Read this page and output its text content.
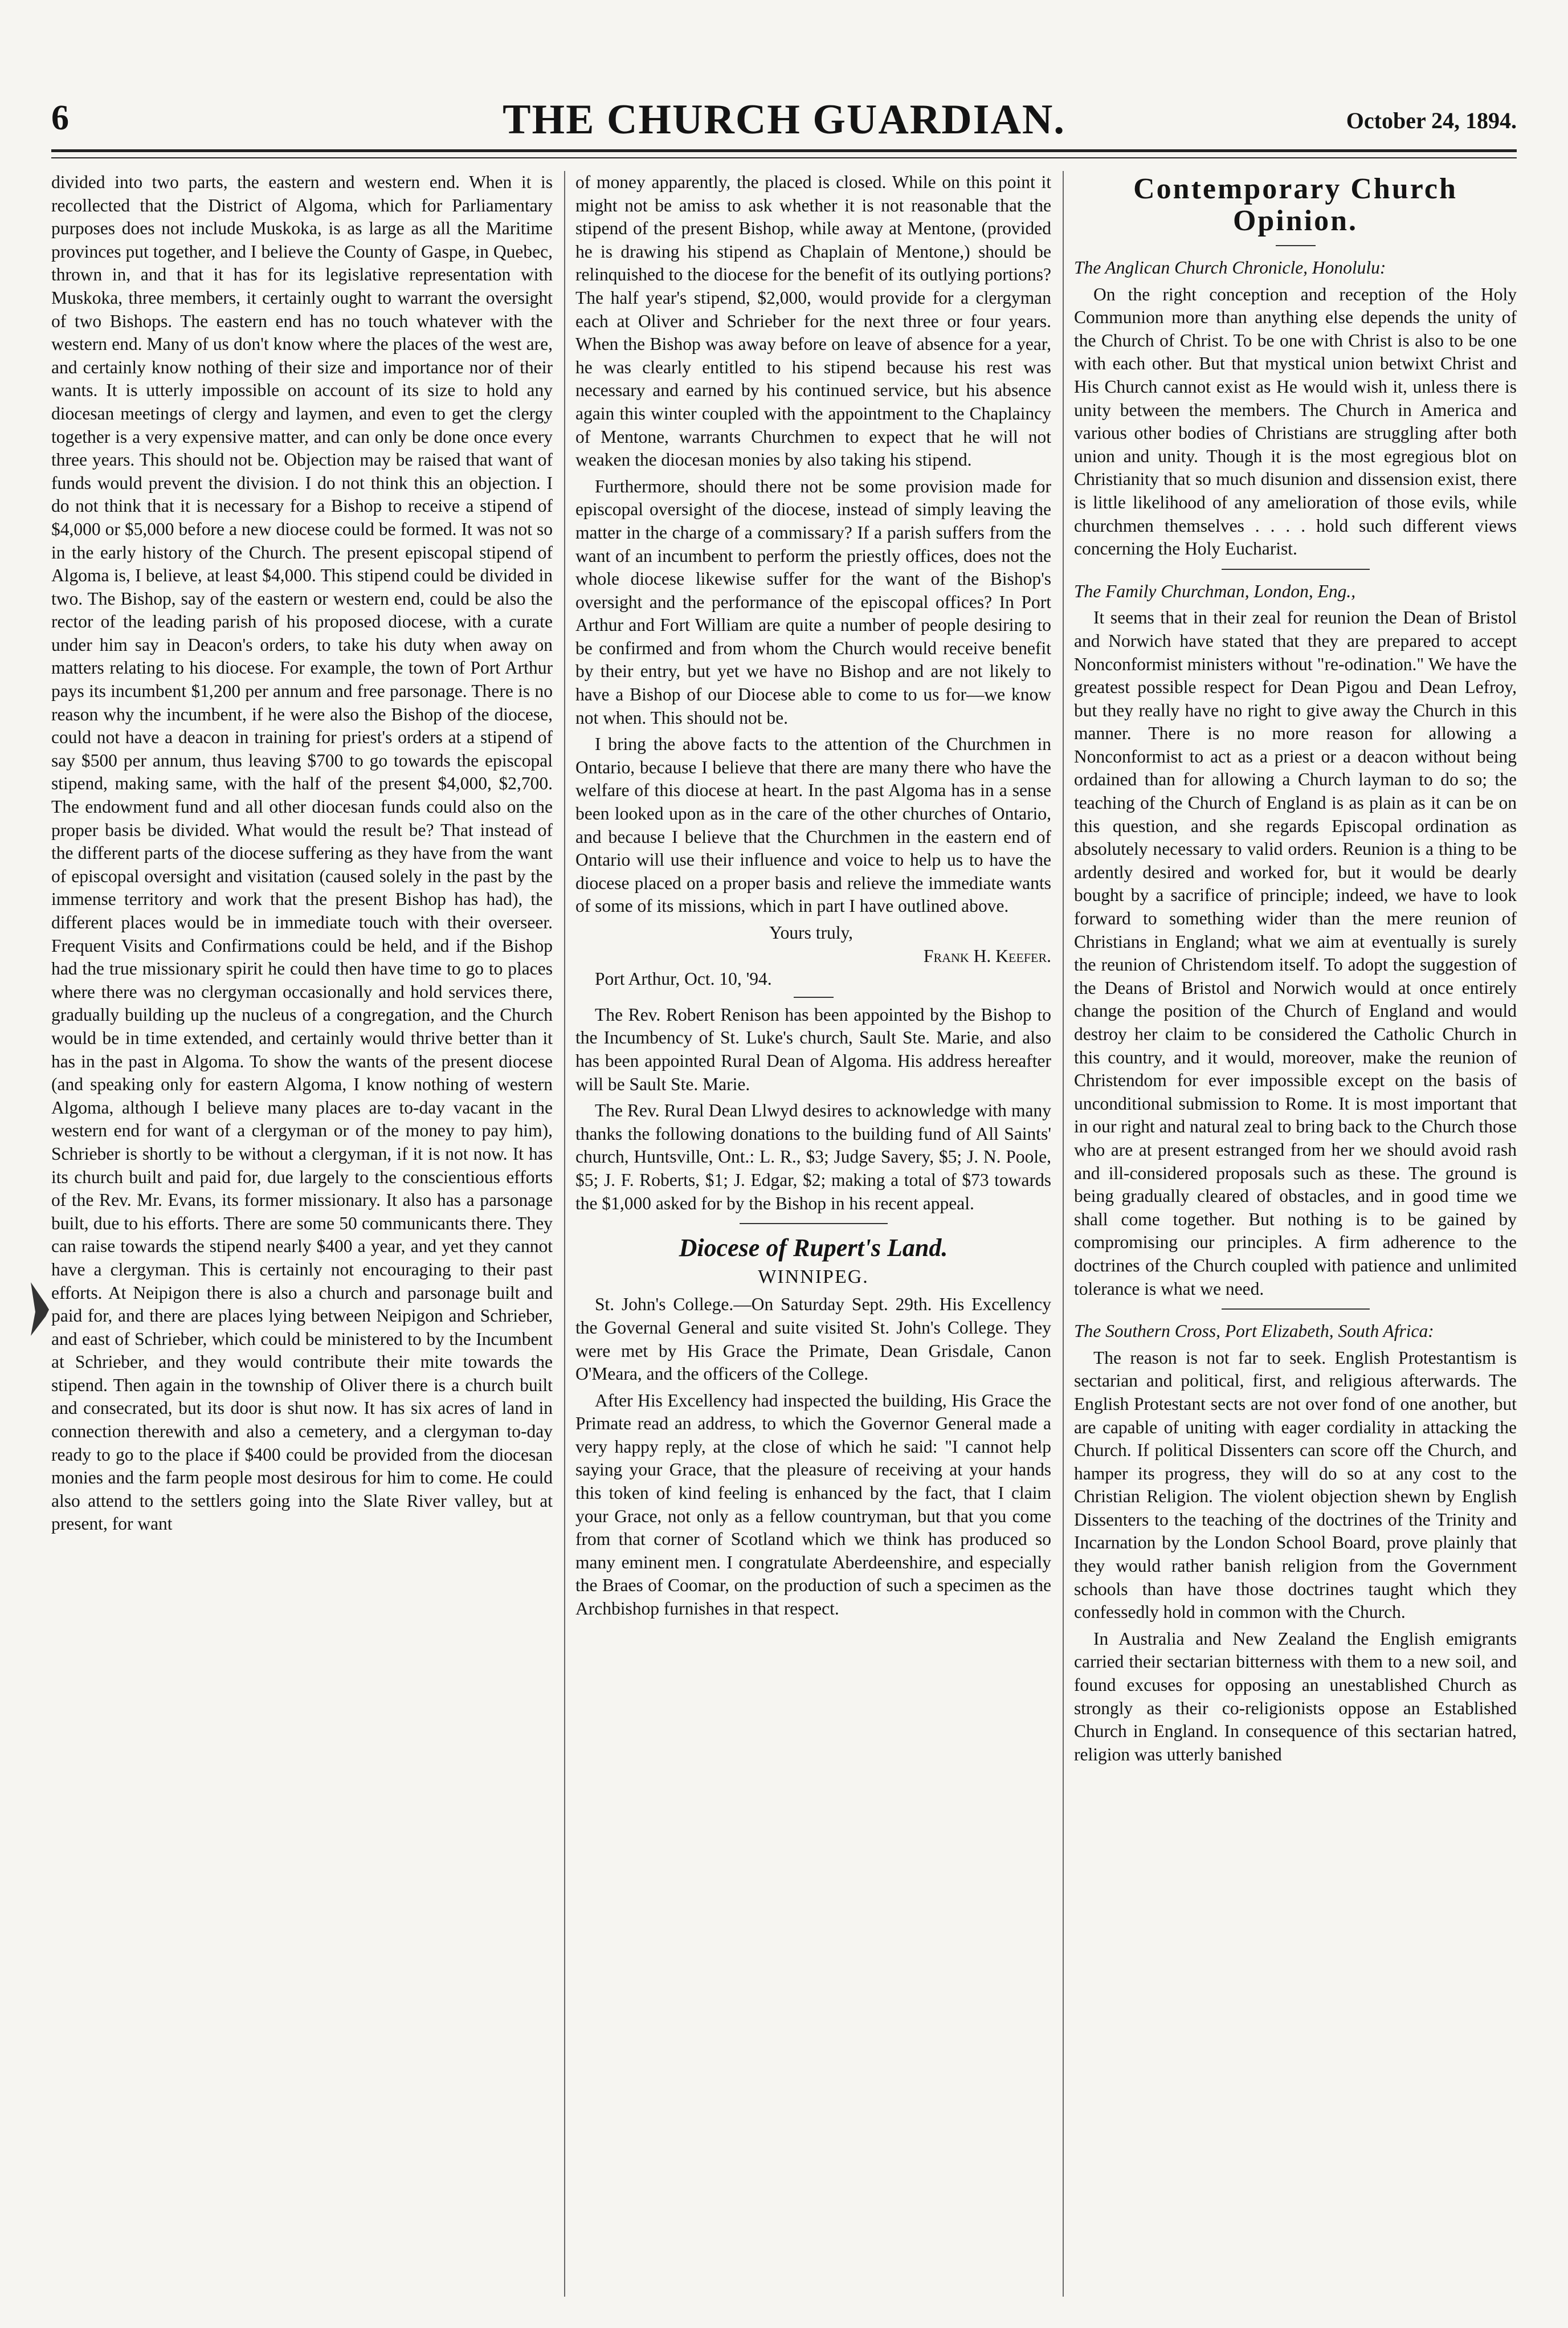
6	THE CHURCH GUARDIAN.	October 24, 1894.

divided into two parts, the eastern and western end. When it is recollected that the District of Algoma, which for Parliamentary purposes does not include Muskoka, is as large as all the Maritime provinces put together, and I believe the County of Gaspe, in Quebec, thrown in, and that it has for its legislative representation with Muskoka, three members, it certainly ought to warrant the oversight of two Bishops. The eastern end has no touch whatever with the western end. Many of us don't know where the places of the west are, and certainly know nothing of their size and importance nor of their wants. It is utterly impossible on account of its size to hold any diocesan meetings of clergy and laymen, and even to get the clergy together is a very expensive matter, and can only be done once every three years. This should not be. Objection may be raised that want of funds would prevent the division. I do not think this an objection. I do not think that it is necessary for a Bishop to receive a stipend of $4,000 or $5,000 before a new diocese could be formed. It was not so in the early history of the Church. The present episcopal stipend of Algoma is, I believe, at least $4,000. This stipend could be divided in two. The Bishop, say of the eastern or western end, could be also the rector of the leading parish of his proposed diocese, with a curate under him say in Deacon's orders, to take his duty when away on matters relating to his diocese. For example, the town of Port Arthur pays its incumbent $1,200 per annum and free parsonage. There is no reason why the incumbent, if he were also the Bishop of the diocese, could not have a deacon in training for priest's orders at a stipend of say $500 per annum, thus leaving $700 to go towards the episcopal stipend, making same, with the half of the present $4,000, $2,700. The endowment fund and all other diocesan funds could also on the proper basis be divided. What would the result be? That instead of the different parts of the diocese suffering as they have from the want of episcopal oversight and visitation (caused solely in the past by the immense territory and work that the present Bishop has had), the different places would be in immediate touch with their overseer. Frequent Visits and Confirmations could be held, and if the Bishop had the true missionary spirit he could then have time to go to places where there was no clergyman occasionally and hold services there, gradually building up the nucleus of a congregation, and the Church would be in time extended, and certainly would thrive better than it has in the past in Algoma. To show the wants of the present diocese (and speaking only for eastern Algoma, I know nothing of western Algoma, although I believe many places are to-day vacant in the western end for want of a clergyman or of the money to pay him), Schrieber is shortly to be without a clergyman, if it is not now. It has its church built and paid for, due largely to the conscientious efforts of the Rev. Mr. Evans, its former missionary. It also has a parsonage built, due to his efforts. There are some 50 communicants there. They can raise towards the stipend nearly $400 a year, and yet they cannot have a clergyman. This is certainly not encouraging to their past efforts. At Neipigon there is also a church and parsonage built and paid for, and there are places lying between Neipigon and Schrieber, and east of Schrieber, which could be ministered to by the Incumbent at Schrieber, and they would contribute their mite towards the stipend. Then again in the township of Oliver there is a church built and consecrated, but its door is shut now. It has six acres of land in connection therewith and also a cemetery, and a clergyman to-day ready to go to the place if $400 could be provided from the diocesan monies and the farm people most desirous for him to come. He could also attend to the settlers going into the Slate River valley, but at present, for want

of money apparently, the placed is closed. While on this point it might not be amiss to ask whether it is not reasonable that the stipend of the present Bishop, while away at Mentone, (provided he is drawing his stipend as Chaplain of Mentone,) should be relinquished to the diocese for the benefit of its outlying portions? The half year's stipend, $2,000, would provide for a clergyman each at Oliver and Schrieber for the next three or four years. When the Bishop was away before on leave of absence for a year, he was clearly entitled to his stipend because his rest was necessary and earned by his continued service, but his absence again this winter coupled with the appointment to the Chaplaincy of Mentone, warrants Churchmen to expect that he will not weaken the diocesan monies by also taking his stipend.

Furthermore, should there not be some provision made for episcopal oversight of the diocese, instead of simply leaving the matter in the charge of a commissary? If a parish suffers from the want of an incumbent to perform the priestly offices, does not the whole diocese likewise suffer for the want of the Bishop's oversight and the performance of the episcopal offices? In Port Arthur and Fort William are quite a number of people desiring to be confirmed and from whom the Church would receive benefit by their entry, but yet we have no Bishop and are not likely to have a Bishop of our Diocese able to come to us for—we know not when. This should not be.

I bring the above facts to the attention of the Churchmen in Ontario, because I believe that there are many there who have the welfare of this diocese at heart. In the past Algoma has in a sense been looked upon as in the care of the other churches of Ontario, and because I believe that the Churchmen in the eastern end of Ontario will use their influence and voice to help us to have the diocese placed on a proper basis and relieve the immediate wants of some of its missions, which in part I have outlined above.

Yours truly,

Frank H. Keefer.

Port Arthur, Oct. 10, '94.

The Rev. Robert Renison has been appointed by the Bishop to the Incumbency of St. Luke's church, Sault Ste. Marie, and also has been appointed Rural Dean of Algoma. His address hereafter will be Sault Ste. Marie.

The Rev. Rural Dean Llwyd desires to acknowledge with many thanks the following donations to the building fund of All Saints' church, Huntsville, Ont.: L. R., $3; Judge Savery, $5; J. N. Poole, $5; J. F. Roberts, $1; J. Edgar, $2; making a total of $73 towards the $1,000 asked for by the Bishop in his recent appeal.

Diocese of Rupert's Land.
WINNIPEG.

St. John's College.—On Saturday Sept. 29th. His Excellency the Governal General and suite visited St. John's College. They were met by His Grace the Primate, Dean Grisdale, Canon O'Meara, and the officers of the College.

After His Excellency had inspected the building, His Grace the Primate read an address, to which the Governor General made a very happy reply, at the close of which he said: "I cannot help saying your Grace, that the pleasure of receiving at your hands this token of kind feeling is enhanced by the fact, that I claim your Grace, not only as a fellow countryman, but that you come from that corner of Scotland which we think has produced so many eminent men. I congratulate Aberdeenshire, and especially the Braes of Coomar, on the production of such a specimen as the Archbishop furnishes in that respect.

Contemporary Church Opinion.

The Anglican Church Chronicle, Honolulu:

On the right conception and reception of the Holy Communion more than anything else depends the unity of the Church of Christ. To be one with Christ is also to be one with each other. But that mystical union betwixt Christ and His Church cannot exist as He would wish it, unless there is unity between the members. The Church in America and various other bodies of Christians are struggling after both union and unity. Though it is the most egregious blot on Christianity that so much disunion and dissension exist, there is little likelihood of any amelioration of those evils, while churchmen themselves . . . . hold such different views concerning the Holy Eucharist.

The Family Churchman, London, Eng.,

It seems that in their zeal for reunion the Dean of Bristol and Norwich have stated that they are prepared to accept Nonconformist ministers without "re-odination." We have the greatest possible respect for Dean Pigou and Dean Lefroy, but they really have no right to give away the Church in this manner. There is no more reason for allowing a Nonconformist to act as a priest or a deacon without being ordained than for allowing a Church layman to do so; the teaching of the Church of England is as plain as it can be on this question, and she regards Episcopal ordination as absolutely necessary to valid orders. Reunion is a thing to be ardently desired and worked for, but it would be dearly bought by a sacrifice of principle; indeed, we have to look forward to something wider than the mere reunion of Christians in England; what we aim at eventually is surely the reunion of Christendom itself. To adopt the suggestion of the Deans of Bristol and Norwich would at once entirely change the position of the Church of England and would destroy her claim to be considered the Catholic Church in this country, and it would, moreover, make the reunion of Christendom for ever impossible except on the basis of unconditional submission to Rome. It is most important that in our right and natural zeal to bring back to the Church those who are at present estranged from her we should avoid rash and ill-considered proposals such as these. The ground is being gradually cleared of obstacles, and in good time we shall come together. But nothing is to be gained by compromising our principles. A firm adherence to the doctrines of the Church coupled with patience and unlimited tolerance is what we need.

The Southern Cross, Port Elizabeth, South Africa:

The reason is not far to seek. English Protestantism is sectarian and political, first, and religious afterwards. The English Protestant sects are not over fond of one another, but are capable of uniting with eager cordiality in attacking the Church. If political Dissenters can score off the Church, and hamper its progress, they will do so at any cost to the Christian Religion. The violent objection shewn by English Dissenters to the teaching of the doctrines of the Trinity and Incarnation by the London School Board, prove plainly that they would rather banish religion from the Government schools than have those doctrines taught which they confessedly hold in common with the Church.

In Australia and New Zealand the English emigrants carried their sectarian bitterness with them to a new soil, and found excuses for opposing an unestablished Church as strongly as their co-religionists oppose an Established Church in England. In consequence of this sectarian hatred, religion was utterly banished
